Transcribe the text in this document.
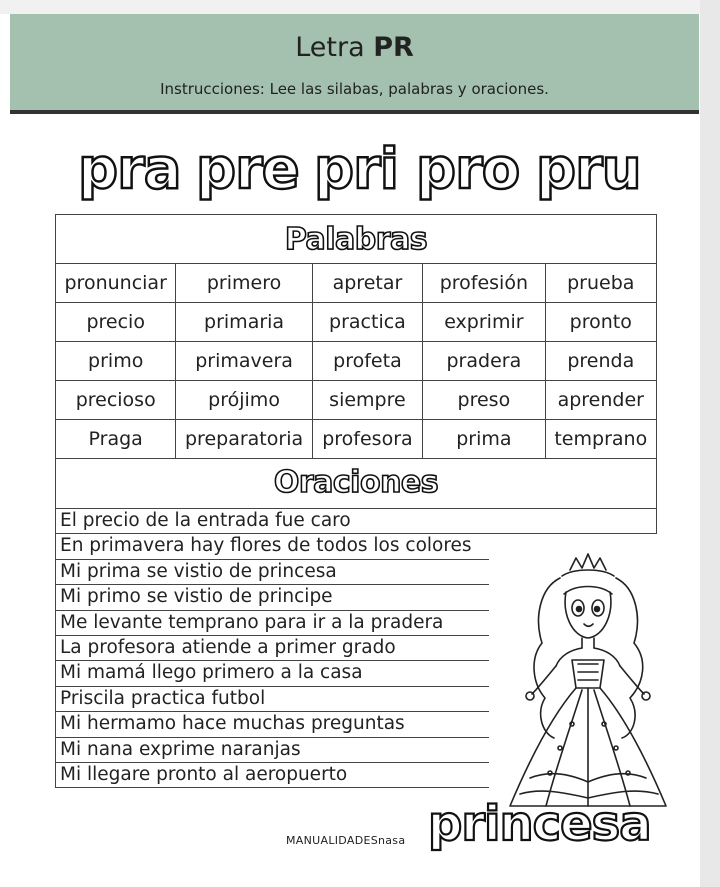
Letra PR
Instrucciones: Lee las silabas, palabras y oraciones.
pra pre pri pro pru
Palabras
pronunciar	primero	apretar	profesión	prueba
precio	primaria	practica	exprimir	pronto
primo	primavera	profeta	pradera	prenda
precioso	prójimo	siempre	preso	aprender
Praga	preparatoria	profesora	prima	temprano
Oraciones
El precio de la entrada fue caro
En primavera hay flores de todos los colores
Mi prima se vistio de princesa
Mi primo se vistio de principe
Me levante temprano para ir a la pradera
La profesora atiende a primer grado
Mi mamá llego primero a la casa
Priscila practica futbol
Mi hermamo hace muchas preguntas
Mi nana exprime naranjas
Mi llegare pronto al aeropuerto
princesa
MANUALIDADESnasa
